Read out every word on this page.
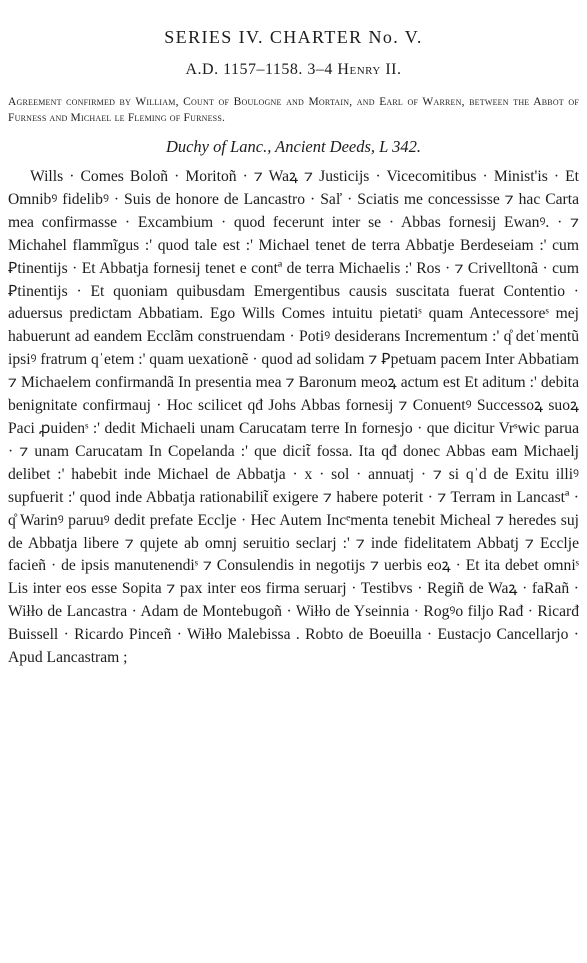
SERIES IV. CHARTER No. V.
A.D. 1157–1158. 3–4 Henry II.
Agreement confirmed by William, Count of Boulogne and Mortain, and Earl of Warren, between the Abbot of Furness and Michael le Fleming of Furness.
Duchy of Lanc., Ancient Deeds, L 342.
Wills · Comes Boloñ · Moritoñ · ⁊ Waꝝ ⁊ Justicijs · Vicecomitibus · Minist'is · Et Omnibꝰ fidelibꝰ · Suis de honore de Lancastro · Saľ · Sciatis me concessisse ⁊ hac Carta mea confirmasse · Excambium · quod fecerunt inter se · Abbas fornesij Ewanꝰ. · ⁊ Michahel flammĩgus :' quod tale est :' Michael tenet de terra Abbatje Berdeseiam :' cum Ꝑtinentijs · Et Abbatja fornesij tenet e contª de terra Michaelis :' Ros · ⁊ Crivelltonã · cum Ꝑtinentijs · Et quoniam quibusdam Emergentibus causis suscitata fuerat Contentio · aduersus predictam Abbatiam. Ego Wills Comes intuitu pietatiˢ quam Antecessoreˢ mej habuerunt ad eandem Ecclãm construendam · Potiꝰ desiderans Incrementum :' q̊ detˈmentũ ipsiꝰ fratrum qˈetem :' quam uexationẽ · quod ad solidam ⁊ Ꝑpetuam pacem Inter Abbatiam ⁊ Michaelem confirmandã In presentia mea ⁊ Baronum meoꝝ actum est Et aditum :' debita benignitate confirmauj · Hoc scilicet qđ Johs Abbas fornesij ⁊ Conuentꝰ Successoꝝ suoꝝ Paci ꝓuidenˢ :' dedit Michaeli unam Carucatam terre In fornesjo · que dicitur Vrˢwic parua · ⁊ unam Carucatam In Copelanda :' que dicit̃ fossa. Ita qđ donec Abbas eam Michaelj delibet :' habebit inde Michael de Abbatja · x · sol · annuatj · ⁊ si qˈd de Exitu illiꝰ supfuerit :' quod inde Abbatja rationabilit̃ exigere ⁊ habere poterit · ⁊ Terram in Lancastª · q̊ Warinꝰ paruuꝰ dedit prefate Ecclje · Hec Autem Incᵉmenta tenebit Micheal ⁊ heredes suj de Abbatja libere ⁊ qujete ab omnj seruitio seclarj :' ⁊ inde fidelitatem Abbatj ⁊ Ecclje facieñ · de ipsis manutenendiˢ ⁊ Consulendis in negotijs ⁊ uerbis eoꝝ · Et ita debet omniˢ Lis inter eos esse Sopita ⁊ pax inter eos firma seruarj · Testibvs · Regiñ de Waꝝ · faRañ · Wiłło de Lancastra · Adam de Montebugoñ · Wiłło de Yseinnia · Rogꝰo filjo Rađ · Ricarđ Buissell · Ricardo Pinceñ · Wiłło Malebissa . Robto de Boeuilla · Eustacjo Cancellarjo · Apud Lancastram ;
